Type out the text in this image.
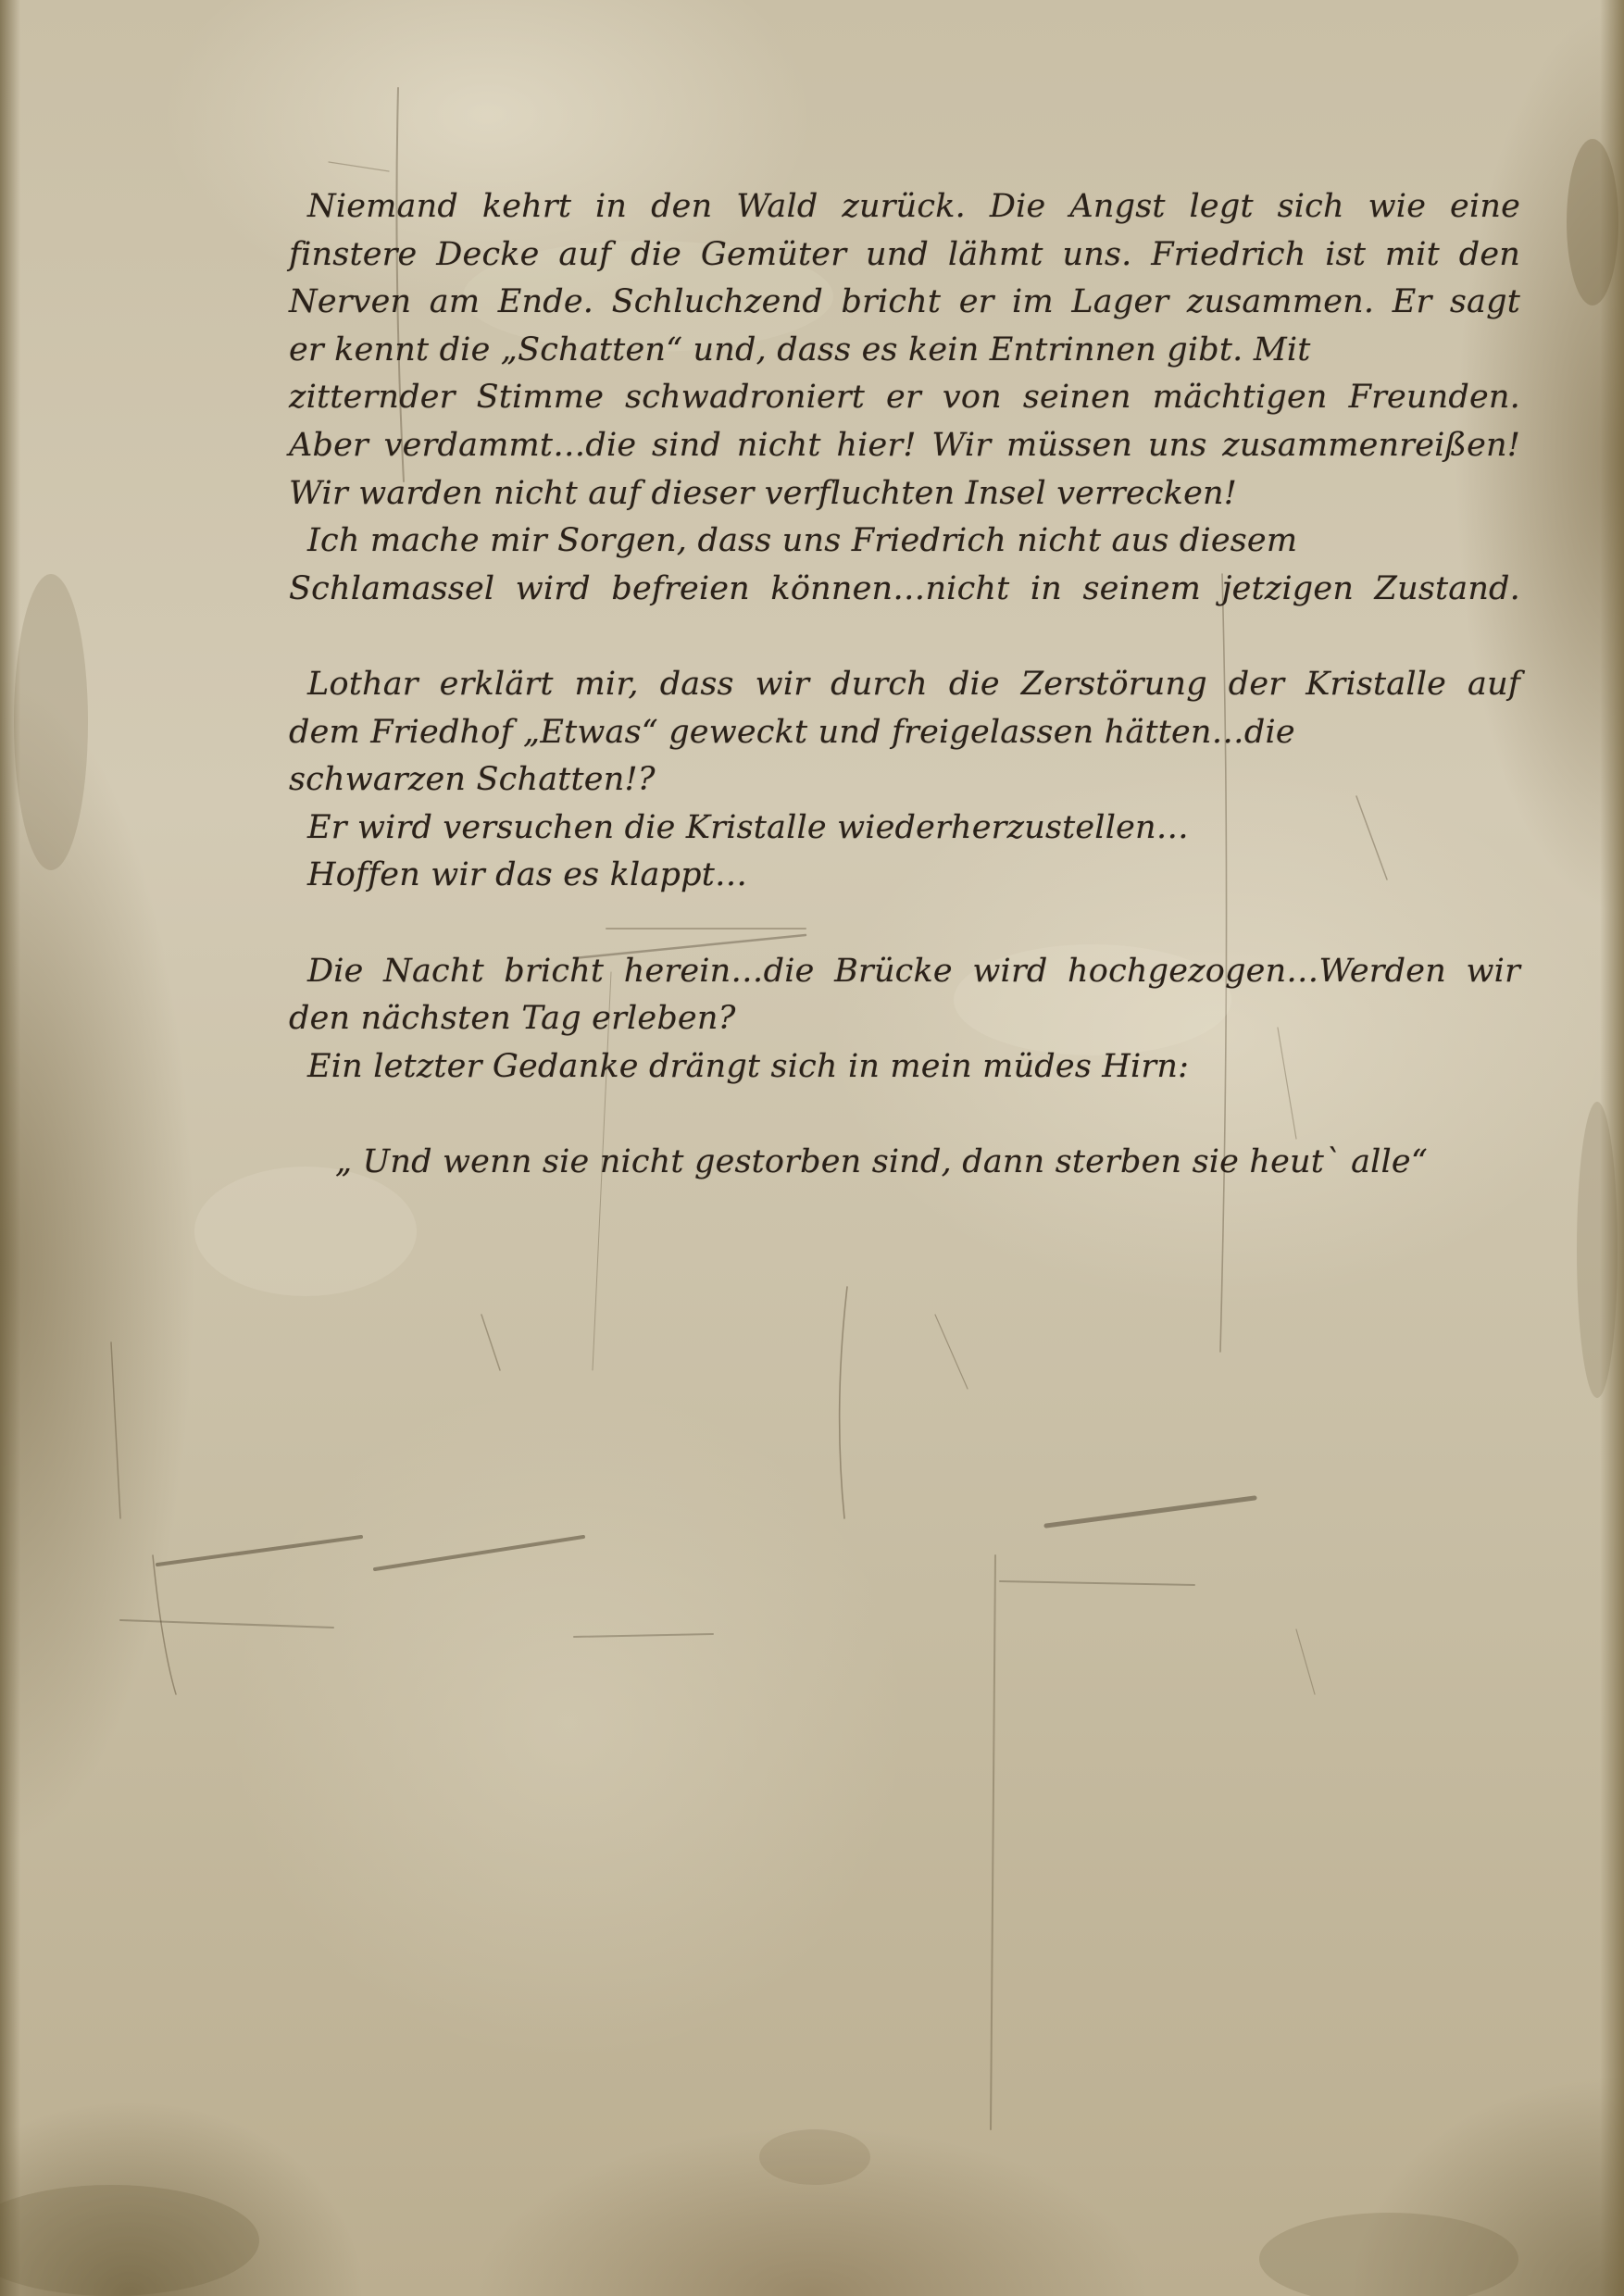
Niemand kehrt in den Wald zurück. Die Angst legt sich wie eine
finstere Decke auf die Gemüter und lähmt uns. Friedrich ist mit den
Nerven am Ende. Schluchzend bricht er im Lager zusammen. Er sagt
er kennt die „Schatten“ und, dass es kein Entrinnen gibt. Mit
zitternder Stimme schwadroniert er von seinen mächtigen Freunden.
Aber verdammt…die sind nicht hier! Wir müssen uns zusammenreißen!
Wir warden nicht auf dieser verfluchten Insel verrecken!
Ich mache mir Sorgen, dass uns Friedrich nicht aus diesem
Schlamassel wird befreien können…nicht in seinem jetzigen Zustand.
Lothar erklärt mir, dass wir durch die Zerstörung der Kristalle auf
dem Friedhof „Etwas“ geweckt und freigelassen hätten…die
schwarzen Schatten!?
Er wird versuchen die Kristalle wiederherzustellen…
Hoffen wir das es klappt…
Die Nacht bricht herein…die Brücke wird hochgezogen…Werden wir
den nächsten Tag erleben?
Ein letzter Gedanke drängt sich in mein müdes Hirn:
„ Und wenn sie nicht gestorben sind, dann sterben sie heut` alle“
